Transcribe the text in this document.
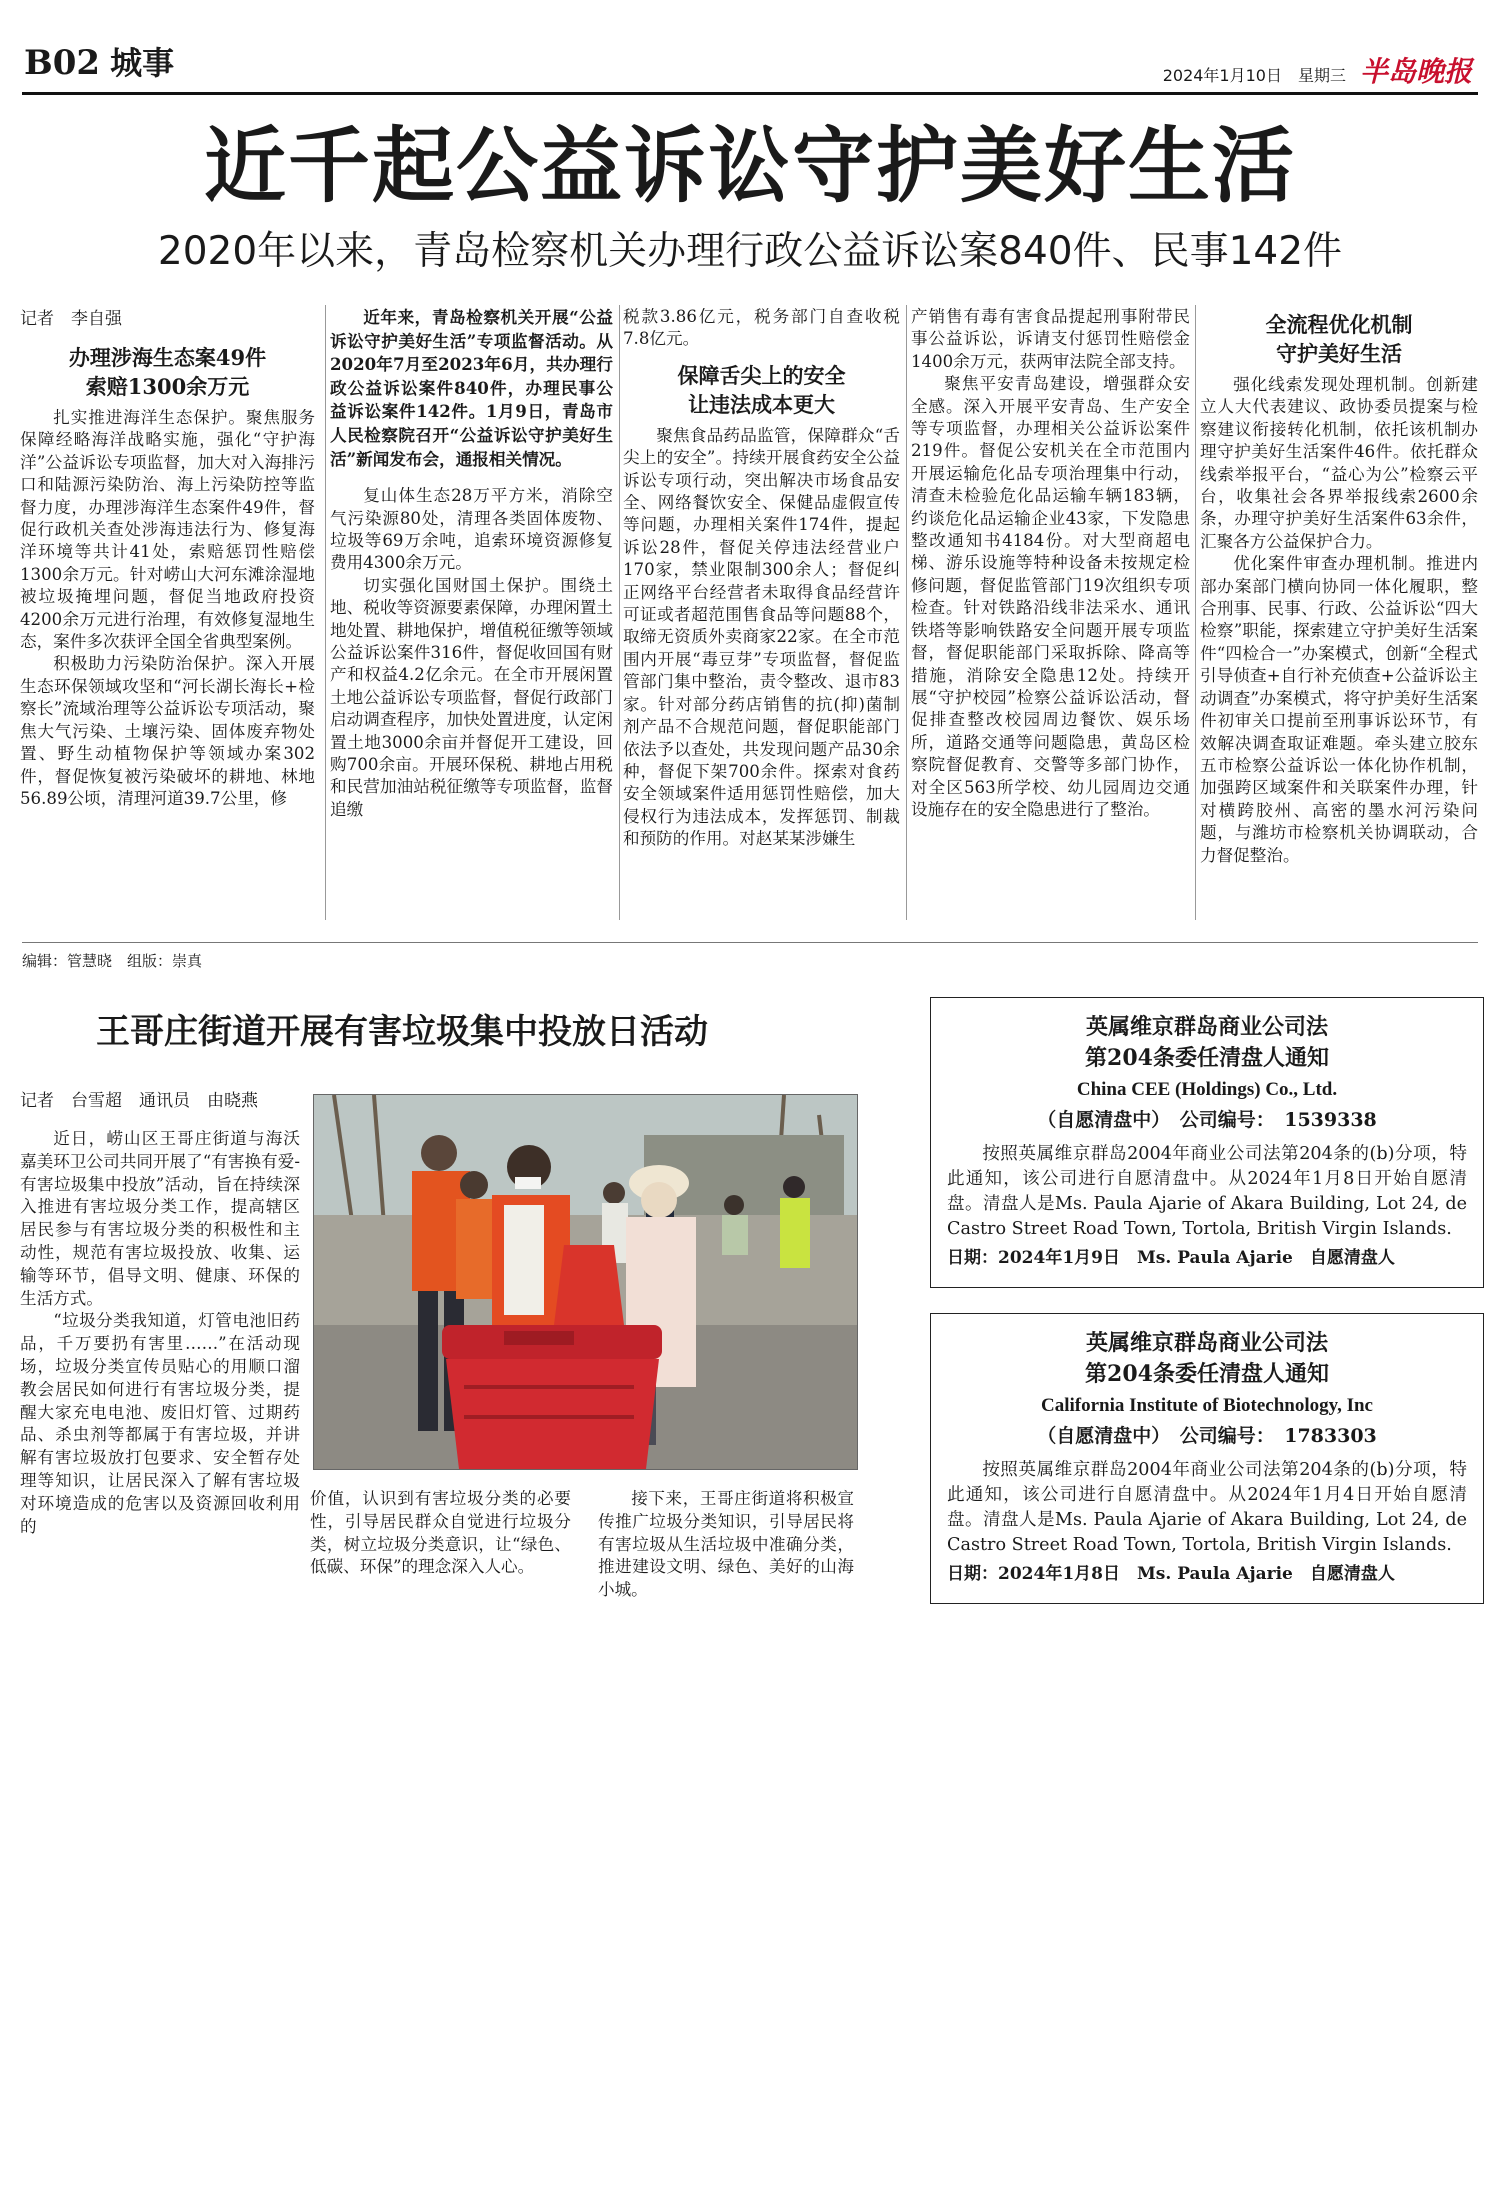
B02 城事	2024年1月10日 星期三 半岛晚报
近千起公益诉讼守护美好生活
2020年以来，青岛检察机关办理行政公益诉讼案840件、民事142件
记者　 李自强
办理涉海生态案49件
索赔1300余万元

扎实推进海洋生态保护。聚焦服务保障经略海洋战略实施，强化“守护海洋”公益诉讼专项监督，加大对入海排污口和陆源污染防治、海上污染防控等监督力度，办理涉海洋生态案件49件，督促行政机关查处涉海违法行为、修复海洋环境等共计41处，索赔惩罚性赔偿1300余万元。针对崂山大河东滩涂湿地被垃圾掩埋问题，督促当地政府投资4200余万元进行治理，有效修复湿地生态，案件多次获评全国全省典型案例。

积极助力污染防治保护。深入开展生态环保领域攻坚和“河长湖长海长+检察长”流域治理等公益诉讼专项活动，聚焦大气污染、土壤污染、固体废弃物处置、野生动植物保护等领域办案302件，督促恢复被污染破坏的耕地、林地56.89公顷，清理河道39.7公里，修

近年来，青岛检察机关开展“公益诉讼守护美好生活”专项监督活动。从2020年7月至2023年6月，共办理行政公益诉讼案件840件，办理民事公益诉讼案件142件。1月9日，青岛市人民检察院召开“公益诉讼守护美好生活”新闻发布会，通报相关情况。

复山体生态28万平方米，消除空气污染源80处，清理各类固体废物、垃圾等69万余吨，追索环境资源修复费用4300余万元。

切实强化国财国土保护。围绕土地、税收等资源要素保障，办理闲置土地处置、耕地保护，增值税征缴等领域公益诉讼案件316件，督促收回国有财产和权益4.2亿余元。在全市开展闲置土地公益诉讼专项监督，督促行政部门启动调查程序，加快处置进度，认定闲置土地3000余亩并督促开工建设，回购700余亩。开展环保税、耕地占用税和民营加油站税征缴等专项监督，监督追缴

税款3.86亿元，税务部门自查收税7.8亿元。

保障舌尖上的安全
让违法成本更大

聚焦食品药品监管，保障群众“舌尖上的安全”。持续开展食药安全公益诉讼专项行动，突出解决市场食品安全、网络餐饮安全、保健品虚假宣传等问题，办理相关案件174件，提起诉讼28件，督促关停违法经营业户170家，禁业限制300余人；督促纠正网络平台经营者未取得食品经营许可证或者超范围售食品等问题88个，取缔无资质外卖商家22家。在全市范围内开展“毒豆芽”专项监督，督促监管部门集中整治，责令整改、退市83家。针对部分药店销售的抗(抑)菌制剂产品不合规范问题，督促职能部门依法予以查处，共发现问题产品30余种，督促下架700余件。探索对食药安全领域案件适用惩罚性赔偿，加大侵权行为违法成本，发挥惩罚、制裁和预防的作用。对赵某某涉嫌生

产销售有毒有害食品提起刑事附带民事公益诉讼，诉请支付惩罚性赔偿金1400余万元，获两审法院全部支持。

聚焦平安青岛建设，增强群众安全感。深入开展平安青岛、生产安全等专项监督，办理相关公益诉讼案件219件。督促公安机关在全市范围内开展运输危化品专项治理集中行动，清查未检验危化品运输车辆183辆，约谈危化品运输企业43家，下发隐患整改通知书4184份。对大型商超电梯、游乐设施等特种设备未按规定检修问题，督促监管部门19次组织专项检查。针对铁路沿线非法采水、通讯铁塔等影响铁路安全问题开展专项监督，督促职能部门采取拆除、降高等措施，消除安全隐患12处。持续开展“守护校园”检察公益诉讼活动，督促排查整改校园周边餐饮、娱乐场所，道路交通等问题隐患，黄岛区检察院督促教育、交警等多部门协作，对全区563所学校、幼儿园周边交通设施存在的安全隐患进行了整治。

全流程优化机制
守护美好生活

强化线索发现处理机制。创新建立人大代表建议、政协委员提案与检察建议衔接转化机制，依托该机制办理守护美好生活案件46件。依托群众线索举报平台，“益心为公”检察云平台，收集社会各界举报线索2600余条，办理守护美好生活案件63余件，汇聚各方公益保护合力。

优化案件审查办理机制。推进内部办案部门横向协同一体化履职，整合刑事、民事、行政、公益诉讼“四大检察”职能，探索建立守护美好生活案件“四检合一”办案模式，创新“全程式引导侦查+自行补充侦查+公益诉讼主动调查”办案模式，将守护美好生活案件初审关口提前至刑事诉讼环节，有效解决调查取证难题。牵头建立胶东五市检察公益诉讼一体化协作机制，加强跨区域案件和关联案件办理，针对横跨胶州、高密的墨水河污染问题，与潍坊市检察机关协调联动，合力督促整治。

编辑：管慧晓　组版：崇真
王哥庄街道开展有害垃圾集中投放日活动
记者　台雪超　通讯员　由晓燕

近日，崂山区王哥庄街道与海沃嘉美环卫公司共同开展了“有害换有爱-有害垃圾集中投放”活动，旨在持续深入推进有害垃圾分类工作，提高辖区居民参与有害垃圾分类的积极性和主动性，规范有害垃圾投放、收集、运输等环节，倡导文明、健康、环保的生活方式。

“垃圾分类我知道，灯管电池旧药品，千万要扔有害里……”在活动现场，垃圾分类宣传员贴心的用顺口溜教会居民如何进行有害垃圾分类，提醒大家充电电池、废旧灯管、过期药品、杀虫剂等都属于有害垃圾，并讲解有害垃圾放打包要求、安全暂存处理等知识，让居民深入了解有害垃圾对环境造成的危害以及资源回收利用的

价值，认识到有害垃圾分类的必要性，引导居民群众自觉进行垃圾分类，树立垃圾分类意识，让“绿色、低碳、环保”的理念深入人心。

接下来，王哥庄街道将积极宣传推广垃圾分类知识，引导居民将有害垃圾从生活垃圾中准确分类，推进建设文明、绿色、美好的山海小城。

英属维京群岛商业公司法

第204条委任清盘人通知

China CEE (Holdings) Co., Ltd.

（自愿清盘中）　公司编号：　1539338

按照英属维京群岛2004年商业公司法第204条的(b)分项，特此通知，该公司进行自愿清盘中。从2024年1月8日开始自愿清盘。清盘人是Ms. Paula Ajarie of Akara Building, Lot 24, de Castro Street Road Town, Tortola, British Virgin Islands.

日期：2024年1月9日　Ms. Paula Ajarie　自愿清盘人

英属维京群岛商业公司法

第204条委任清盘人通知

California Institute of Biotechnology, Inc

（自愿清盘中）　公司编号：　1783303

按照英属维京群岛2004年商业公司法第204条的(b)分项，特此通知，该公司进行自愿清盘中。从2024年1月4日开始自愿清盘。清盘人是Ms. Paula Ajarie of Akara Building, Lot 24, de Castro Street Road Town, Tortola, British Virgin Islands.

日期：2024年1月8日　Ms. Paula Ajarie　自愿清盘人
